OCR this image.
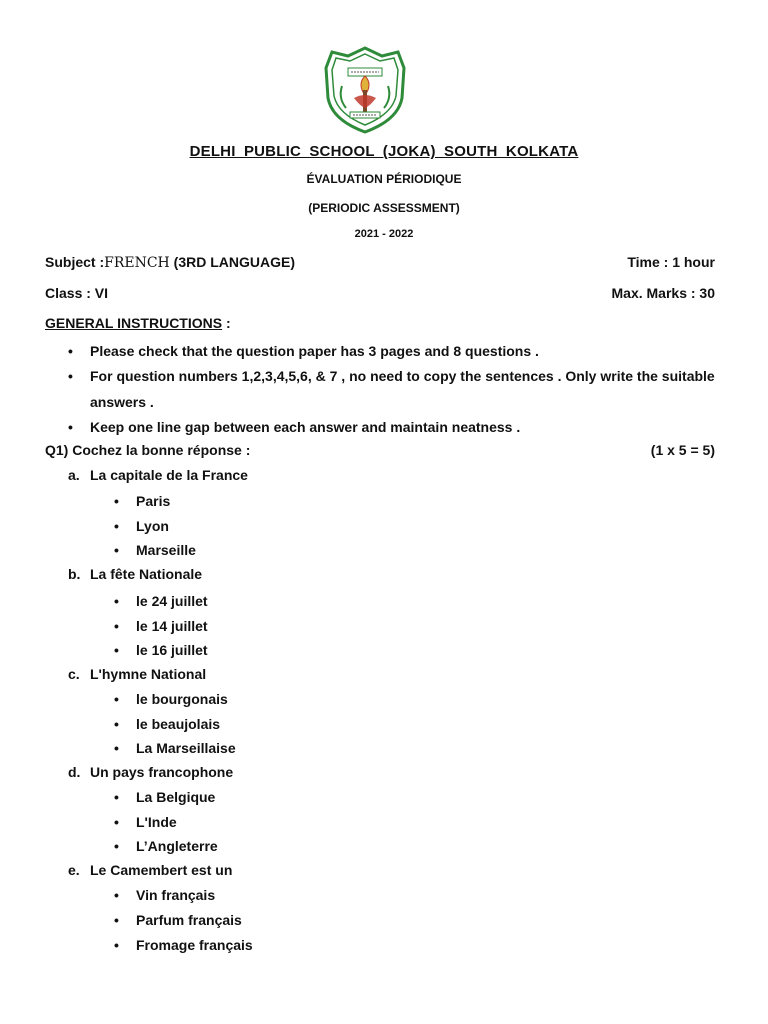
DELHI PUBLIC SCHOOL (JOKA) SOUTH KOLKATA
ÉVALUATION PÉRIODIQUE
(PERIODIC ASSESSMENT)
2021 - 2022
Subject :FRENCH (3RD LANGUAGE)	Time : 1 hour
Class : VI	Max. Marks : 30
GENERAL INSTRUCTIONS :
• Please check that the question paper has 3 pages and 8 questions .
• For question numbers 1,2,3,4,5,6, & 7 , no need to copy the sentences . Only write the suitable answers .
• Keep one line gap between each answer and maintain neatness .
Q1) Cochez la bonne réponse :	(1 x 5 = 5)
a. La capitale de la France
• Paris
• Lyon
• Marseille
b. La fête Nationale
• le 24 juillet
• le 14 juillet
• le 16 juillet
c. L'hymne National
• le bourgonais
• le beaujolais
• La Marseillaise
d. Un pays francophone
• La Belgique
• L'Inde
• L’Angleterre
e. Le Camembert est un
• Vin français
• Parfum français
• Fromage français
